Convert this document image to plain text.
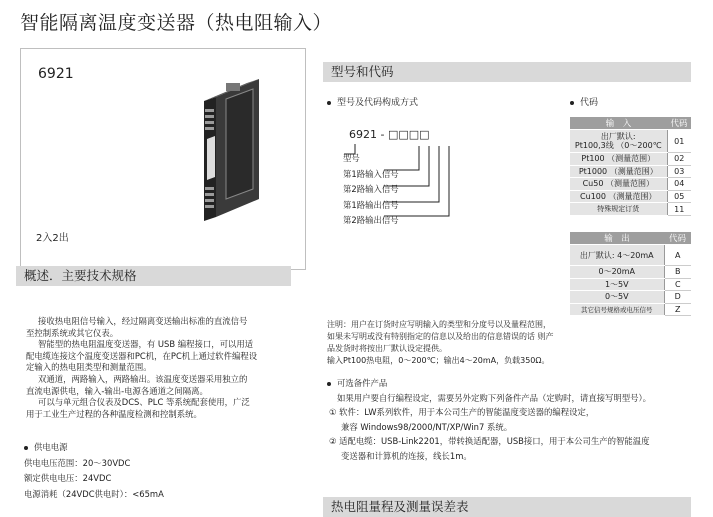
智能隔离温度变送器（热电阻输入）
6921
2入2出
概述．主要技术规格
接收热电阻信号输入，经过隔离变送输出标准的直流信号
至控制系统或其它仪表。
智能型的热电阻温度变送器，有 USB 编程接口，可以用适
配电缆连接这个温度变送器和PC机，在PC机上通过软件编程设
定输入的热电阻类型和测量范围。
双通道，两路输入，两路输出。该温度变送器采用独立的
直流电源供电，输入-输出-电源各通道之间隔离。
可以与单元组合仪表及DCS、PLC 等系统配套使用，广泛
用于工业生产过程的各种温度检测和控制系统。
供电电源
供电电压范围：20～30VDC
额定供电电压：24VDC
电源消耗（24VDC供电时）：<65mA
型号和代码
型号及代码构成方式	代码
6921 - □□□□
型号
第1路输入信号
第2路输入信号
第1路输出信号
第2路输出信号
输　入	代码
出厂默认:
Pt100,3线 （0～200℃	01
Pt100 （测量范围）	02
Pt1000 （测量范围）	03
Cu50 （测量范围）	04
Cu100 （测量范围）	05
特殊规定订货	11
输　出	代码
出厂默认: 4～20mA	A
0～20mA	B
1～5V	C
0～5V	D
其它信号规格或电压信号	Z
注明：用户在订货时应写明输入的类型和分度号以及量程范围，
如果未写明或没有特别指定的信息以及给出的信息错误的话 则产
品发货时将按出厂默认设定提供。
输入Pt100热电阻，0～200℃；输出4～20mA，负载350Ω。
可选备件产品
如果用户要自行编程设定，需要另外定购下列备件产品（定购时，请直接写明型号）。
① 软件：LW系列软件，用于本公司生产的智能温度变送器的编程设定，
兼容 Windows98/2000/NT/XP/Win7 系统。
② 适配电缆：USB-Link2201，带转换适配器，USB接口，用于本公司生产的智能温度
变送器和计算机的连接，线长1m。
热电阻量程及测量误差表
